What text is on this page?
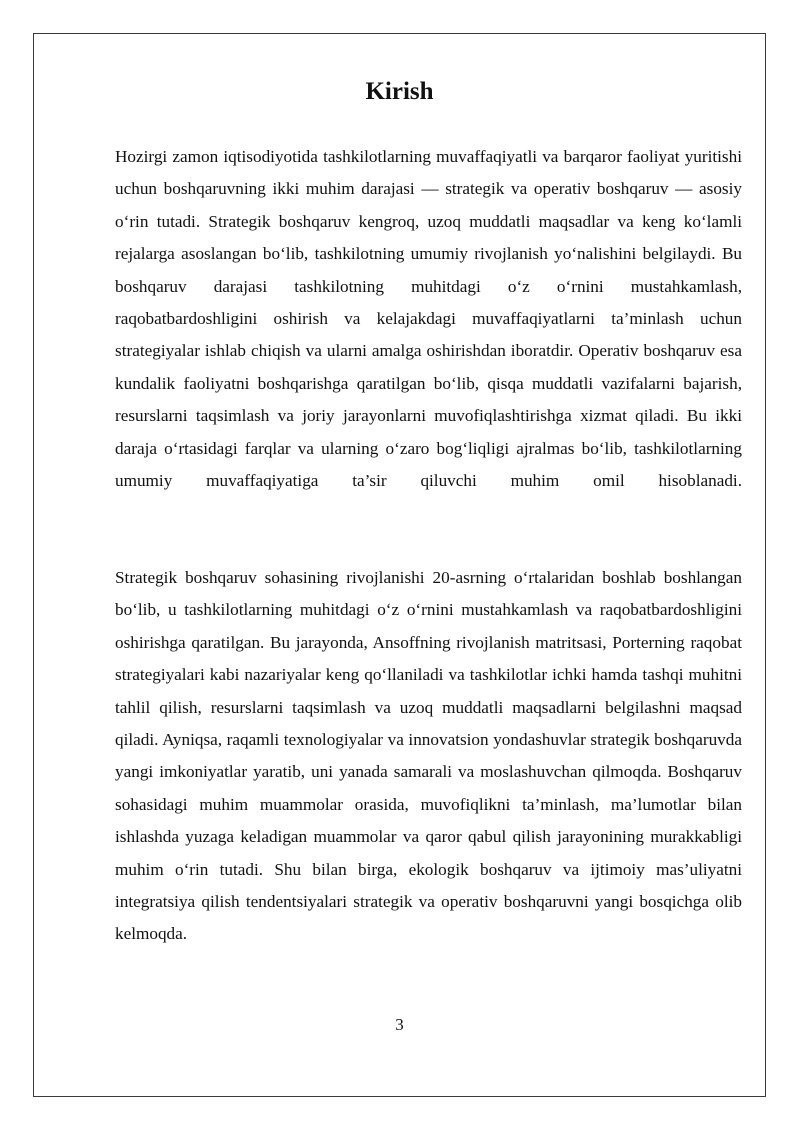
Kirish

Hozirgi zamon iqtisodiyotida tashkilotlarning muvaffaqiyatli va barqaror faoliyat yuritishi uchun boshqaruvning ikki muhim darajasi — strategik va operativ boshqaruv — asosiy o‘rin tutadi. Strategik boshqaruv kengroq, uzoq muddatli maqsadlar va keng ko‘lamli rejalarga asoslangan bo‘lib, tashkilotning umumiy rivojlanish yo‘nalishini belgilaydi. Bu boshqaruv darajasi tashkilotning muhitdagi o‘z o‘rnini mustahkamlash, raqobatbardoshligini oshirish va kelajakdagi muvaffaqiyatlarni ta’minlash uchun strategiyalar ishlab chiqish va ularni amalga oshirishdan iboratdir. Operativ boshqaruv esa kundalik faoliyatni boshqarishga qaratilgan bo‘lib, qisqa muddatli vazifalarni bajarish, resurslarni taqsimlash va joriy jarayonlarni muvofiqlashtirishga xizmat qiladi. Bu ikki daraja o‘rtasidagi farqlar va ularning o‘zaro bog‘liqligi ajralmas bo‘lib, tashkilotlarning umumiy muvaffaqiyatiga ta’sir qiluvchi muhim omil hisoblanadi.

Strategik boshqaruv sohasining rivojlanishi 20-asrning o‘rtalaridan boshlab boshlangan bo‘lib, u tashkilotlarning muhitdagi o‘z o‘rnini mustahkamlash va raqobatbardoshligini oshirishga qaratilgan. Bu jarayonda, Ansoffning rivojlanish matritsasi, Porterning raqobat strategiyalari kabi nazariyalar keng qo‘llaniladi va tashkilotlar ichki hamda tashqi muhitni tahlil qilish, resurslarni taqsimlash va uzoq muddatli maqsadlarni belgilashni maqsad qiladi. Ayniqsa, raqamli texnologiyalar va innovatsion yondashuvlar strategik boshqaruvda yangi imkoniyatlar yaratib, uni yanada samarali va moslashuvchan qilmoqda. Boshqaruv sohasidagi muhim muammolar orasida, muvofiqlikni ta’minlash, ma’lumotlar bilan ishlashda yuzaga keladigan muammolar va qaror qabul qilish jarayonining murakkabligi muhim o‘rin tutadi. Shu bilan birga, ekologik boshqaruv va ijtimoiy mas’uliyatni integratsiya qilish tendentsiyalari strategik va operativ boshqaruvni yangi bosqichga olib kelmoqda.

3
